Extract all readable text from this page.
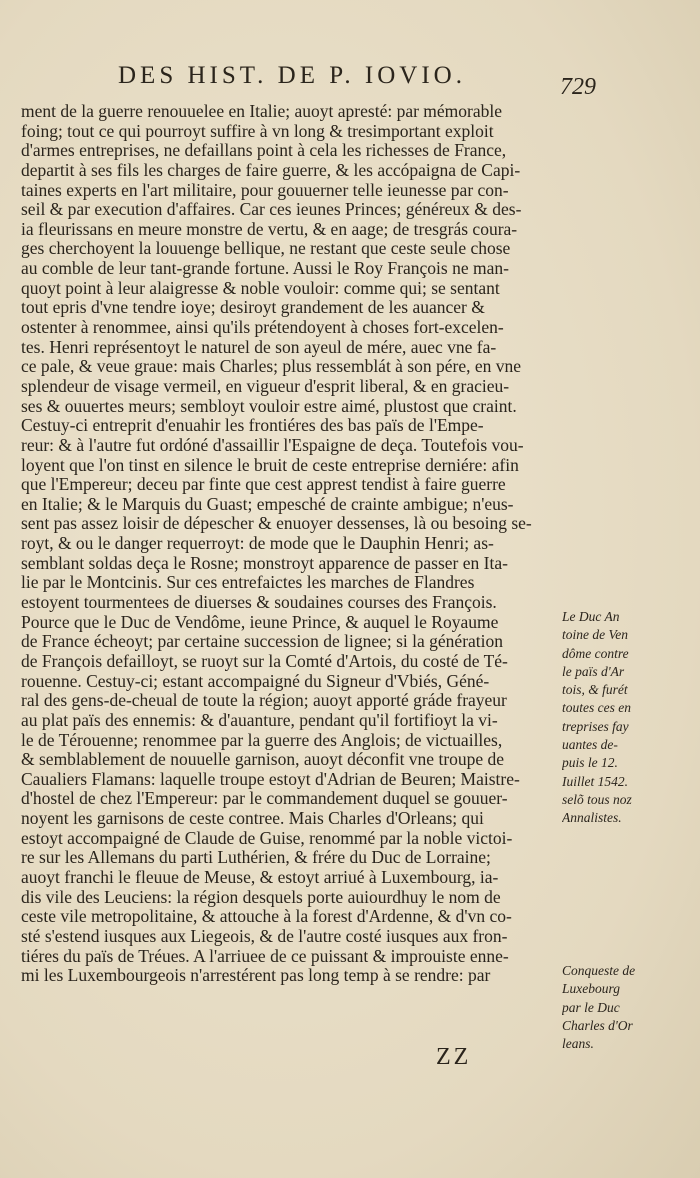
DES HIST. DE P. IOVIO.	729
ment de la guerre renouuelee en Italie; auoyt apresté: par mémorable
foing; tout ce qui pourroyt suffire à vn long & tresimportant exploit
d'armes entreprises, ne defaillans point à cela les richesses de France,
departit à ses fils les charges de faire guerre, & les accópaigna de Capi-
taines experts en l'art militaire, pour gouuerner telle ieunesse par con-
seil & par execution d'affaires. Car ces ieunes Princes; généreux & des-
ia fleurissans en meure monstre de vertu, & en aage; de tresgrás coura-
ges cherchoyent la louuenge bellique, ne restant que ceste seule chose
au comble de leur tant-grande fortune. Aussi le Roy François ne man-
quoyt point à leur alaigresse & noble vouloir: comme qui; se sentant
tout epris d'vne tendre ioye; desiroyt grandement de les auancer &
ostenter à renommee, ainsi qu'ils prétendoyent à choses fort-excelen-
tes. Henri représentoyt le naturel de son ayeul de mére, auec vne fa-
ce pale, & veue graue: mais Charles; plus ressemblát à son pére, en vne
splendeur de visage vermeil, en vigueur d'esprit liberal, & en gracieu-
ses & ouuertes meurs; sembloyt vouloir estre aimé, plustost que craint.
Cestuy-ci entreprit d'enuahir les frontiéres des bas païs de l'Empe-
reur: & à l'autre fut ordóné d'assaillir l'Espaigne de deça. Toutefois vou-
loyent que l'on tinst en silence le bruit de ceste entreprise derniére: afin
que l'Empereur; deceu par finte que cest apprest tendist à faire guerre
en Italie; & le Marquis du Guast; empesché de crainte ambigue; n'eus-
sent pas assez loisir de dépescher & enuoyer dessenses, là ou besoing se-
royt, & ou le danger requerroyt: de mode que le Dauphin Henri; as-
semblant soldas deça le Rosne; monstroyt apparence de passer en Ita-
lie par le Montcinis. Sur ces entrefaictes les marches de Flandres
estoyent tourmentees de diuerses & soudaines courses des François.
Pource que le Duc de Vendôme, ieune Prince, & auquel le Royaume
de France écheoyt; par certaine succession de lignee; si la génération
de François defailloyt, se ruoyt sur la Comté d'Artois, du costé de Té-
rouenne. Cestuy-ci; estant accompaigné du Signeur d'Vbiés, Géné-
ral des gens-de-cheual de toute la région; auoyt apporté gráde frayeur
au plat païs des ennemis: & d'auanture, pendant qu'il fortifioyt la vi-
le de Térouenne; renommee par la guerre des Anglois; de victuailles,
& semblablement de nouuelle garnison, auoyt déconfit vne troupe de
Caualiers Flamans: laquelle troupe estoyt d'Adrian de Beuren; Maistre-
d'hostel de chez l'Empereur: par le commandement duquel se gouuer-
noyent les garnisons de ceste contree. Mais Charles d'Orleans; qui
estoyt accompaigné de Claude de Guise, renommé par la noble victoi-
re sur les Allemans du parti Luthérien, & frére du Duc de Lorraine;
auoyt franchi le fleuue de Meuse, & estoyt arriué à Luxembourg, ia-
dis vile des Leuciens: la région desquels porte auiourdhuy le nom de
ceste vile metropolitaine, & attouche à la forest d'Ardenne, & d'vn co-
sté s'estend iusques aux Liegeois, & de l'autre costé iusques aux fron-
tiéres du païs de Tréues. A l'arriuee de ce puissant & improuiste enne-
mi les Luxembourgeois n'arrestérent pas long temp à se rendre: par
Le Duc An
toine de Ven
dôme contre
le païs d'Ar
tois, & furét
toutes ces en
treprises fay
uantes de-
puis le 12.
Iuillet 1542.
selõ tous noz
Annalistes.
Conqueste de
Luxebourg
par le Duc
Charles d'Or
leans.
ZZ
